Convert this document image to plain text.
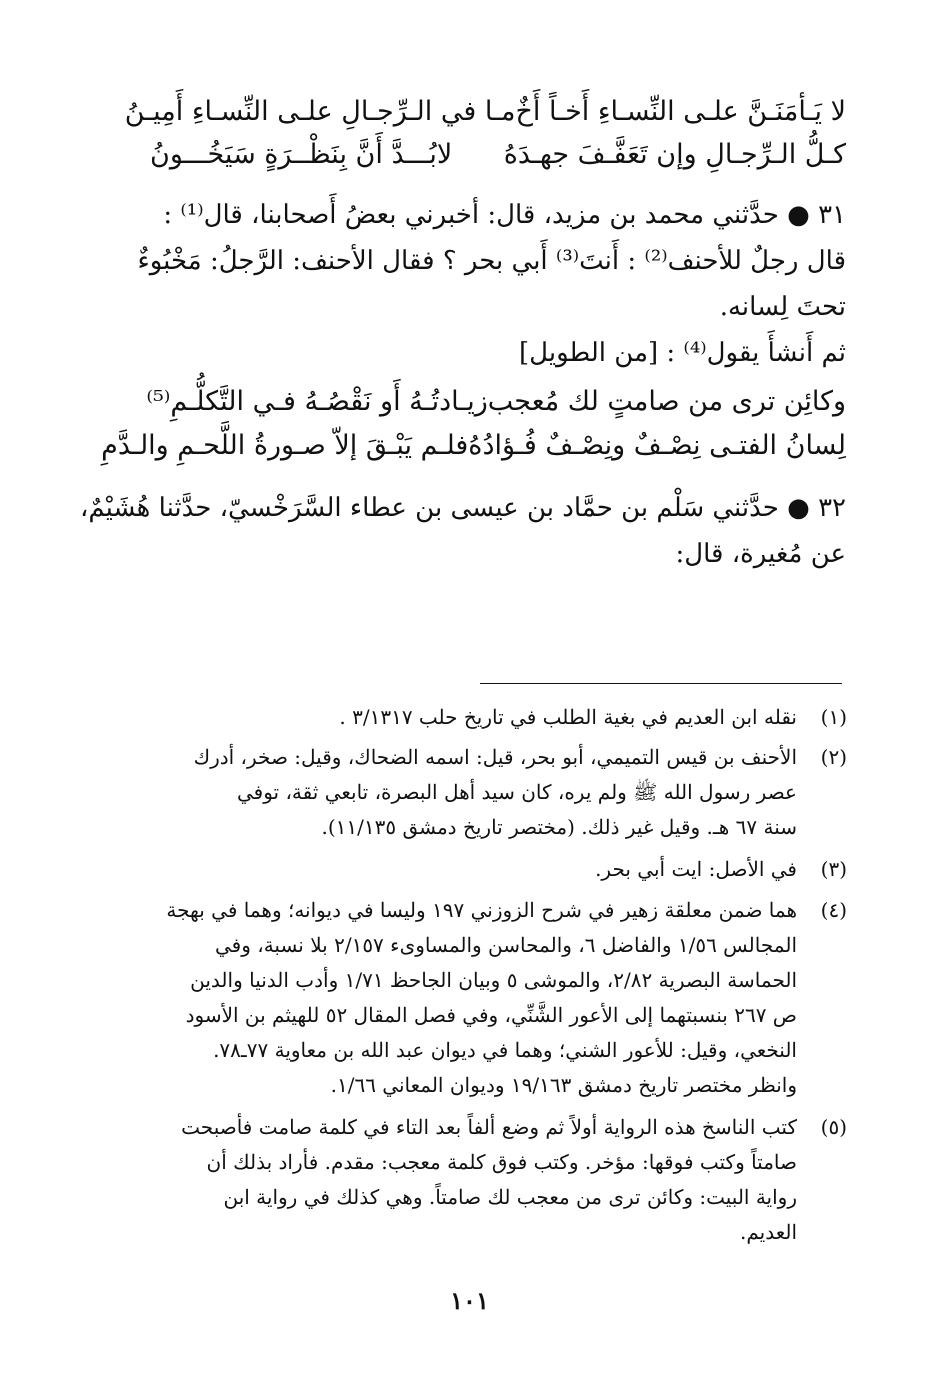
لا يَـأمَنَـنَّ علـى النِّسـاءِ أَخـاً أَخٌ
مـا في الـرِّجـالِ علـى النِّسـاءِ أَمِيـنُ
كـلُّ الـرِّجـالِ وإن تَعَفَّـفَ جهـدَهُ
لابُـــدَّ أَنَّ بِنَظْــرَةٍ سَيَخُـــونُ
٣١ ● حدَّثني محمد بن مزيد، قال: أخبرني بعضُ أَصحابنا، قال⁽¹⁾ :
قال رجلٌ للأحنف⁽²⁾ : أَنتَ⁽³⁾ أَبي بحر ؟ فقال الأحنف: الرَّجلُ: مَخْبُوءٌ
تحتَ لِسانه.
ثم أَنشأَ يقول⁽⁴⁾ : [من الطويل]
وكائِن ترى من صامتٍ لك مُعجب
زيـادتُـهُ أَو نَقْصُـهُ فـي التَّكلُّـمِ⁽⁵⁾
لِسانُ الفتـى نِصْـفٌ ونِصْـفٌ فُـؤادُهُ
فلـم يَبْـقَ إلاّ صـورةُ اللَّحـمِ والـدَّمِ
٣٢ ● حدَّثني سَلْم بن حمَّاد بن عيسى بن عطاء السَّرَخْسيّ، حدَّثنا هُشَيْمٌ،
عن مُغيرة، قال:
(١)
نقله ابن العديم في بغية الطلب في تاريخ حلب ٣/١٣١٧ .
(٢)
الأحنف بن قيس التميمي، أبو بحر، قيل: اسمه الضحاك، وقيل: صخر، أدرك
عصر رسول الله ﷺ ولم يره، كان سيد أهل البصرة، تابعي ثقة، توفي
سنة ٦٧ هـ. وقيل غير ذلك. (مختصر تاريخ دمشق ١١/١٣٥).
(٣)
في الأصل: ايت أبي بحر.
(٤)
هما ضمن معلقة زهير في شرح الزوزني ١٩٧ وليسا في ديوانه؛ وهما في بهجة
المجالس ١/٥٦ والفاضل ٦، والمحاسن والمساوىء ٢/١٥٧ بلا نسبة، وفي
الحماسة البصرية ٢/٨٢، والموشى ٥ وبيان الجاحظ ١/٧١ وأدب الدنيا والدين
ص ٢٦٧ بنسبتهما إلى الأعور الشَّنِّي، وفي فصل المقال ٥٢ للهيثم بن الأسود
النخعي، وقيل: للأعور الشني؛ وهما في ديوان عبد الله بن معاوية ٧٧ـ٧٨.
وانظر مختصر تاريخ دمشق ١٩/١٦٣ وديوان المعاني ١/٦٦.
(٥)
كتب الناسخ هذه الرواية أولاً ثم وضع ألفاً بعد التاء في كلمة صامت فأصبحت
صامتاً وكتب فوقها: مؤخر. وكتب فوق كلمة معجب: مقدم. فأراد بذلك أن
رواية البيت: وكائن ترى من معجب لك صامتاً. وهي كذلك في رواية ابن
العديم.
١٠١
